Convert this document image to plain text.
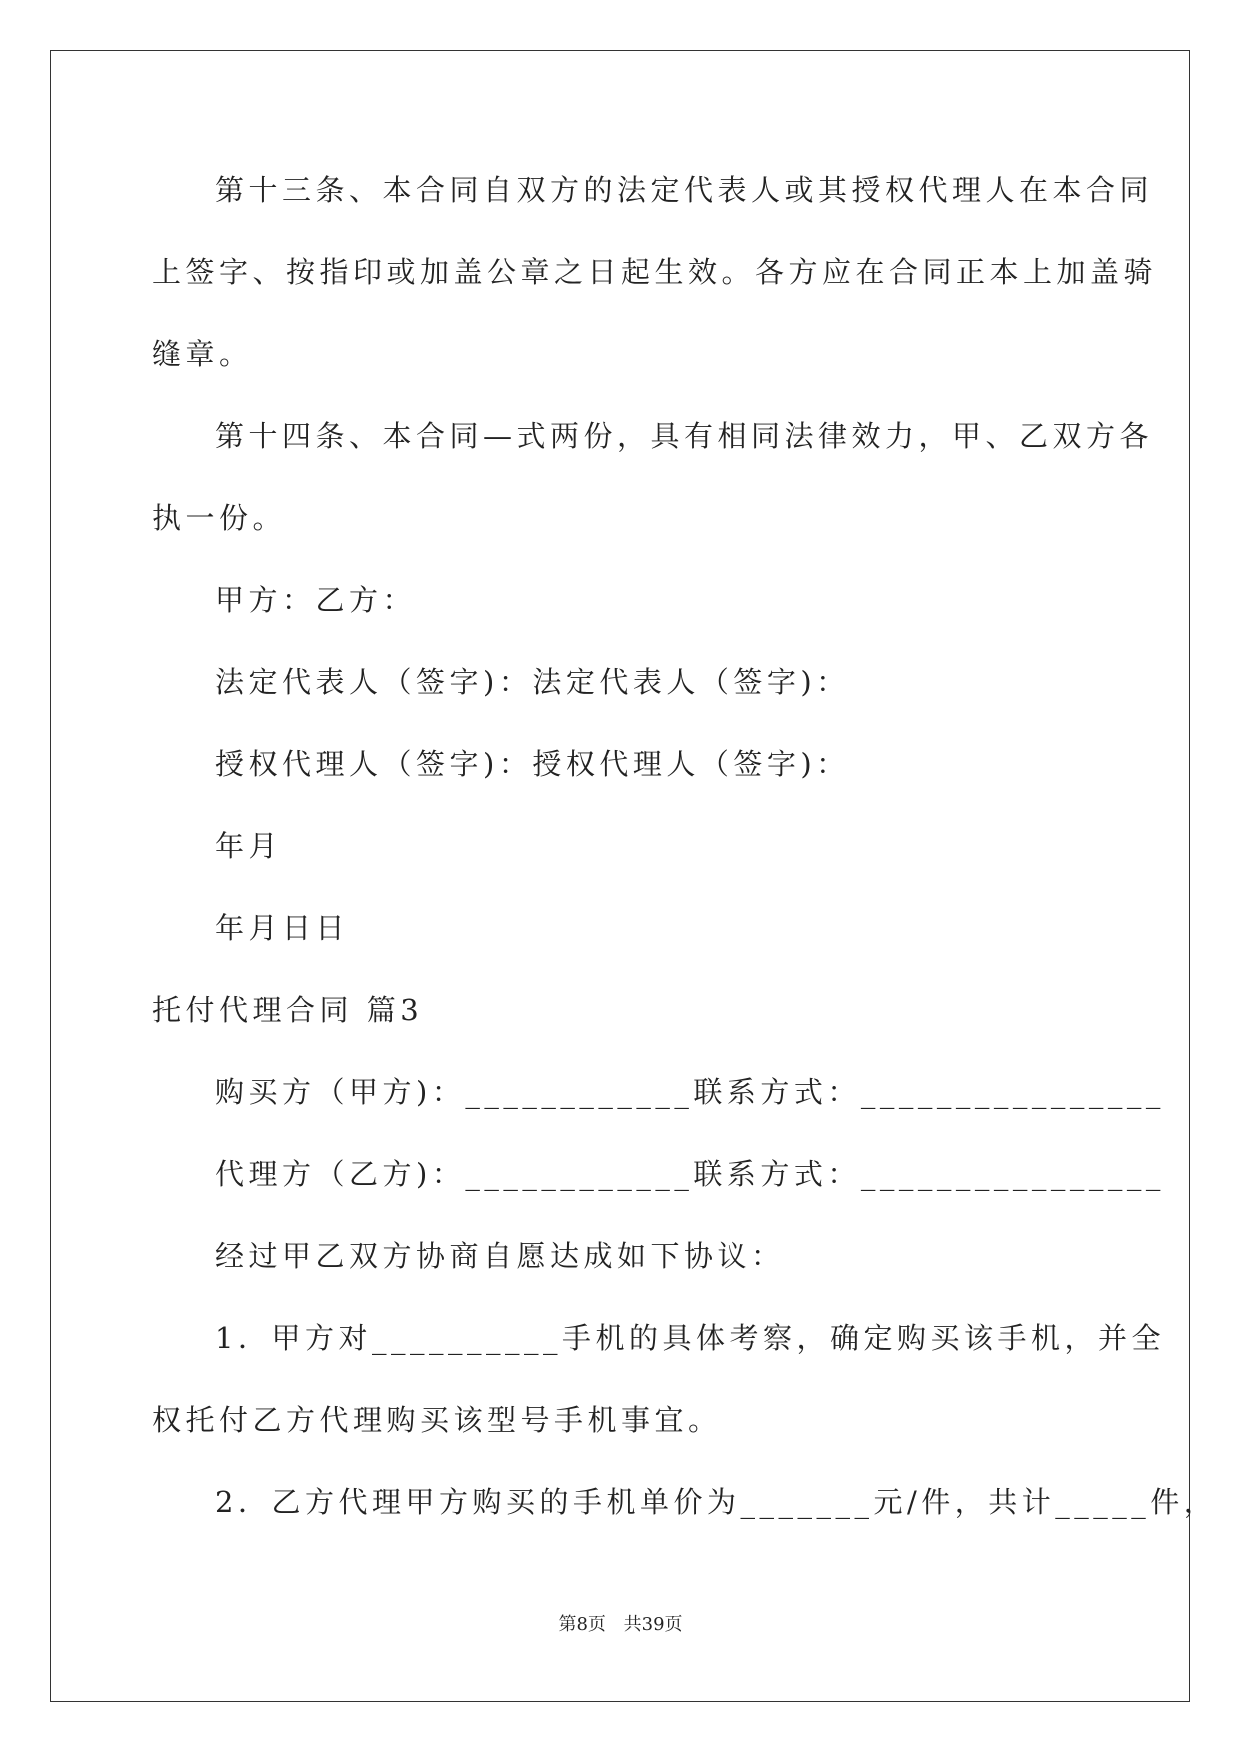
第十三条、本合同自双方的法定代表人或其授权代理人在本合同
上签字、按指印或加盖公章之日起生效。各方应在合同正本上加盖骑
缝章。
第十四条、本合同—式两份，具有相同法律效力，甲、乙双方各
执一份。
甲方：乙方：
法定代表人（签字)：法定代表人（签字)：
授权代理人（签字)：授权代理人（签字)：
年月
年月日日
托付代理合同 篇3
购买方（甲方)：____________联系方式：________________
代理方（乙方)：____________联系方式：________________
经过甲乙双方协商自愿达成如下协议：
1．甲方对__________手机的具体考察，确定购买该手机，并全
权托付乙方代理购买该型号手机事宜。
2．乙方代理甲方购买的手机单价为_______元/件，共计_____件，
第8页 共39页
